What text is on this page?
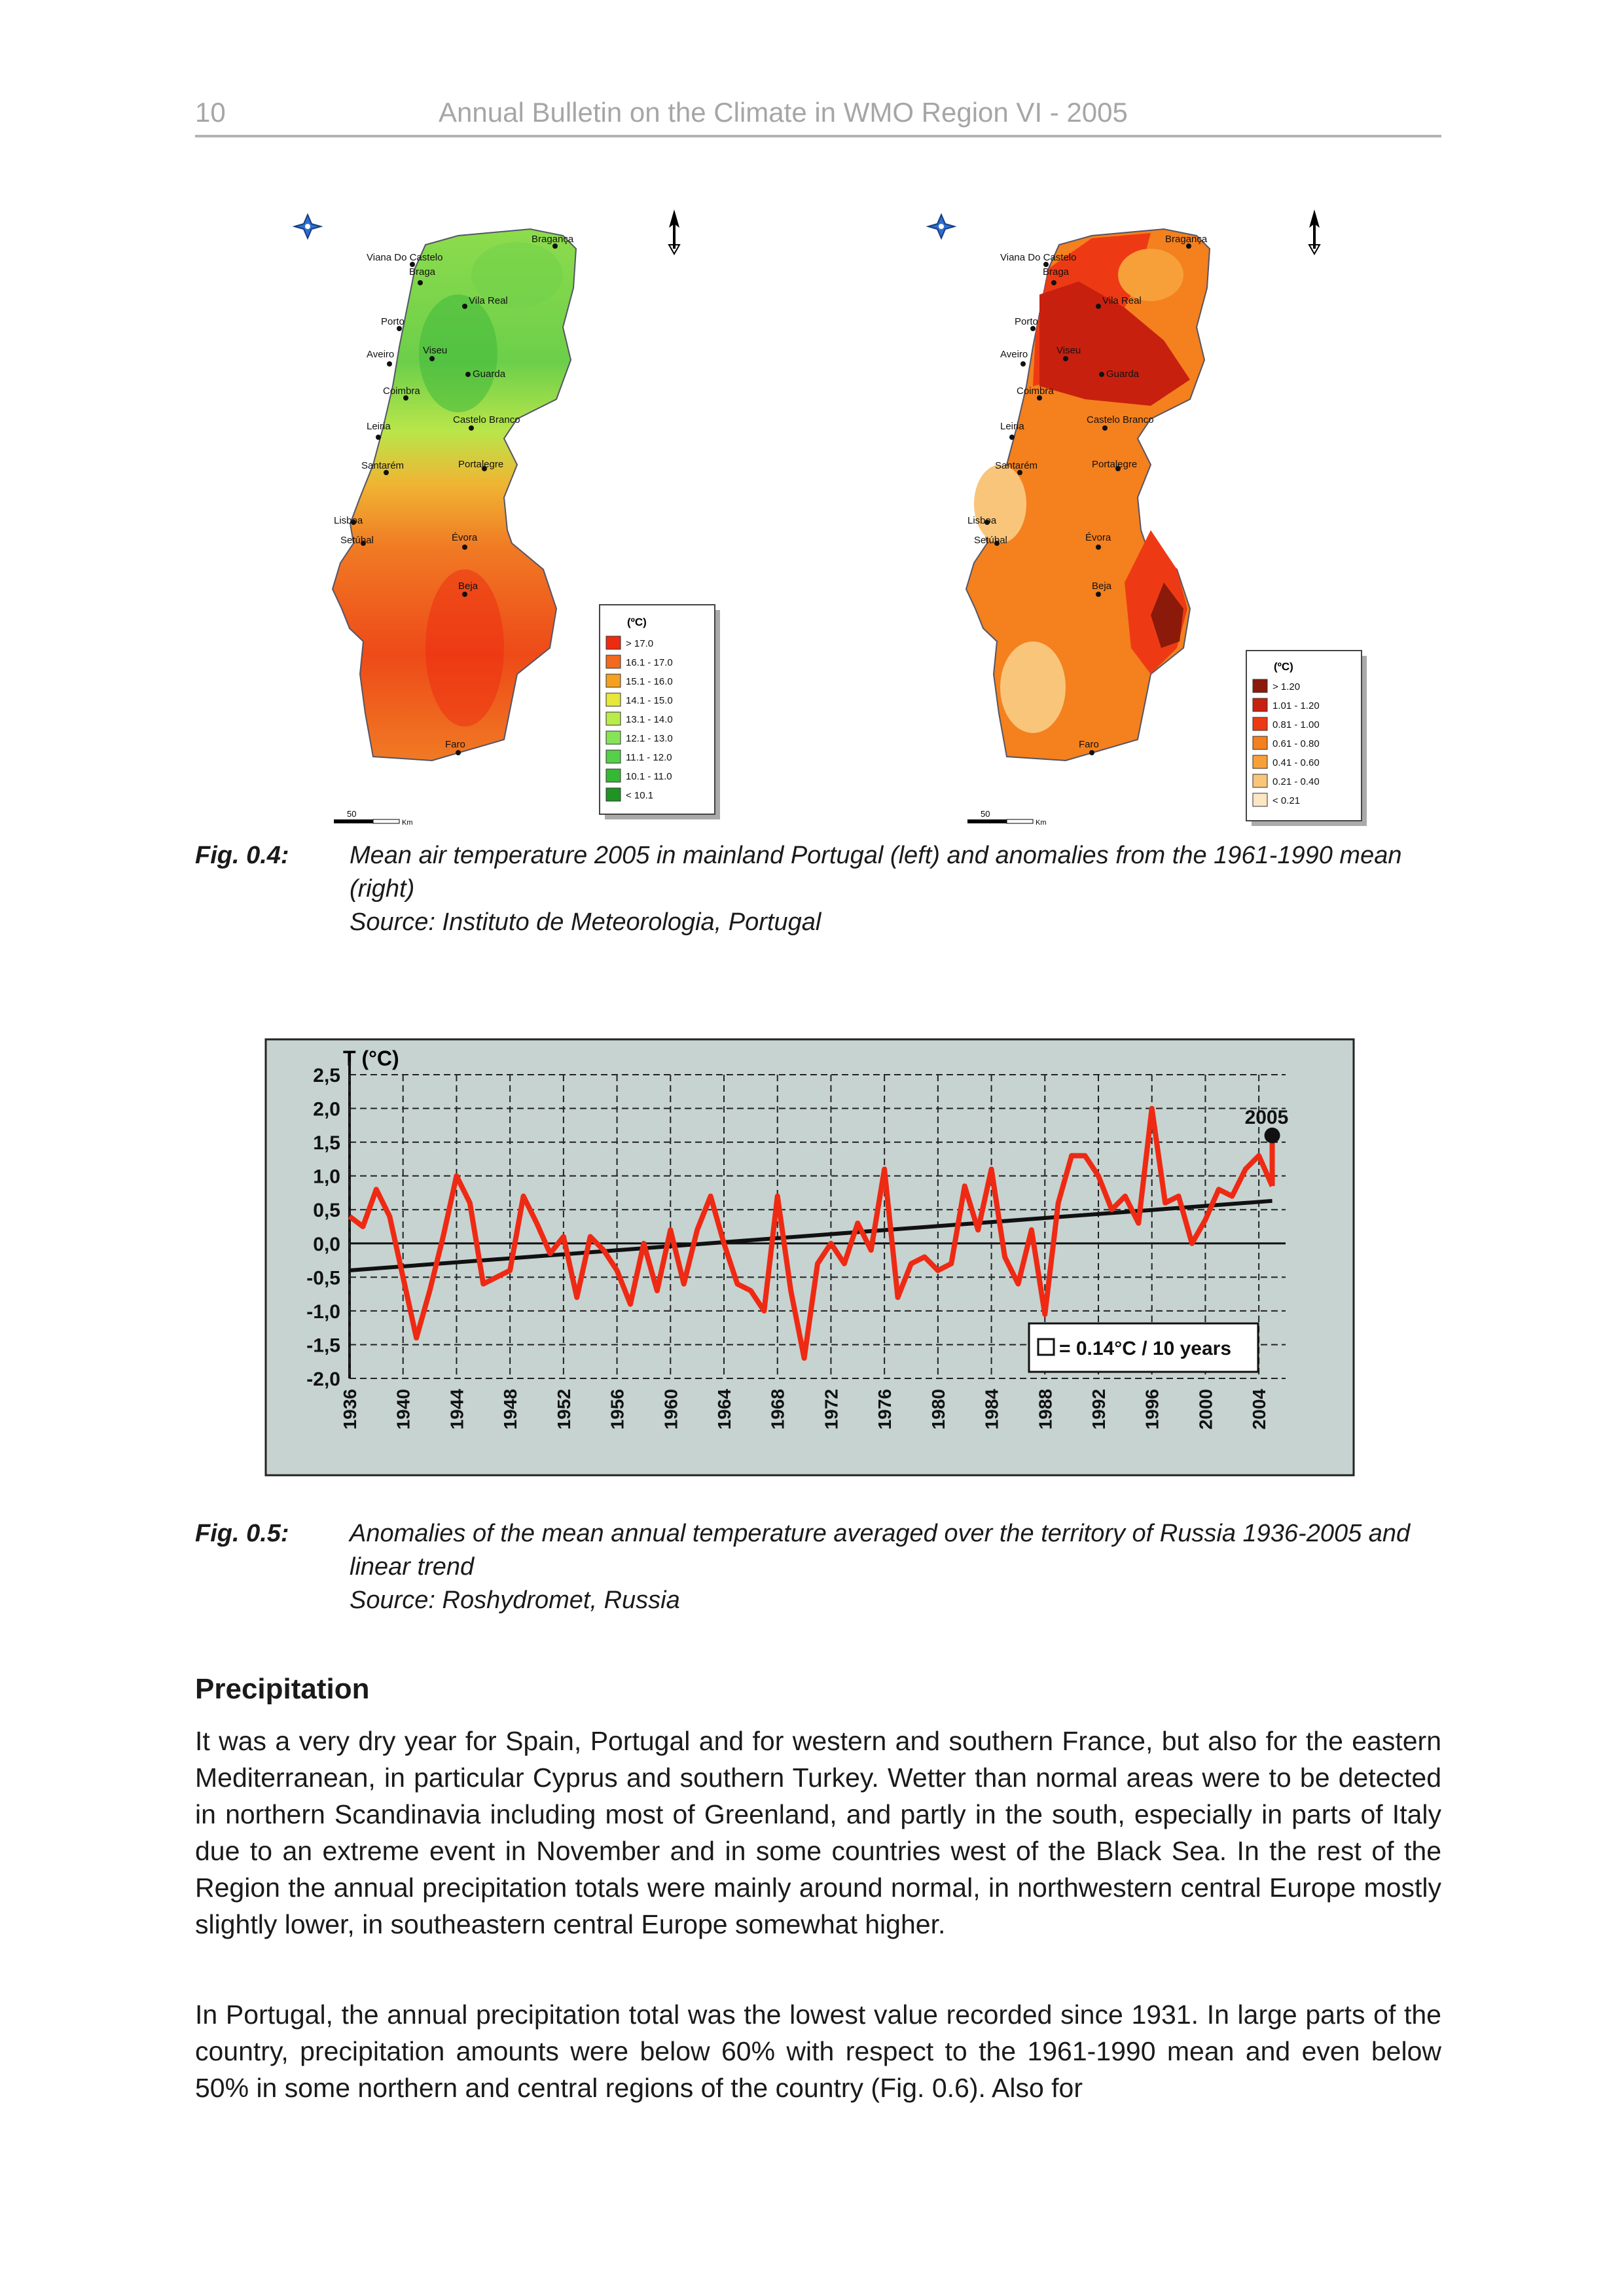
10	Annual Bulletin on the Climate in WMO Region VI - 2005
Viana Do Castelo
Bragança
Braga
Vila Real
Porto
Aveiro	Viseu
Guarda
Coimbra
Castelo Branco
Leiria
Santarém	Portalegre
Lisboa
Setúbal	Évora
Beja
Faro
(ºC)
> 17.0
16.1 - 17.0
15.1 - 16.0
14.1 - 15.0
13.1 - 14.0
12.1 - 13.0
11.1 - 12.0
10.1 - 11.0
< 10.1
50
Km
Viana Do Castelo
Bragança
Braga
Vila Real
Porto
Aveiro	Viseu
Guarda
Coimbra
Castelo Branco
Leiria
Santarém	Portalegre
Lisboa
Setúbal	Évora
Beja
Faro
(ºC)
> 1.20
1.01 - 1.20
0.81 - 1.00
0.61 - 0.80
0.41 - 0.60
0.21 - 0.40
< 0.21
50
Km
Fig. 0.4: Mean air temperature 2005 in mainland Portugal (left) and anomalies from the 1961-1990 mean (right)
Source: Instituto de Meteorologia, Portugal
T (°C)
2,5
2,0
1,5
1,0
0,5
0,0
-0,5
-1,0
-1,5
-2,0
1936 1940 1944 1948 1952 1956 1960 1964 1968 1972 1976 1980 1984 1988 1992 1996 2000 2004
2005
= 0.14°C / 10 years
Fig. 0.5: Anomalies of the mean annual temperature averaged over the territory of Russia 1936-2005 and linear trend
Source: Roshydromet, Russia
Precipitation

It was a very dry year for Spain, Portugal and for western and southern France, but also for the eastern Mediterranean, in particular Cyprus and southern Turkey. Wetter than normal areas were to be detected in northern Scandinavia including most of Greenland, and partly in the south, especially in parts of Italy due to an extreme event in November and in some countries west of the Black Sea. In the rest of the Region the annual precipitation totals were mainly around normal, in northwestern central Europe mostly slightly lower, in southeastern central Europe somewhat higher.

In Portugal, the annual precipitation total was the lowest value recorded since 1931. In large parts of the country, precipitation amounts were below 60% with respect to the 1961-1990 mean and even below 50% in some northern and central regions of the country (Fig. 0.6). Also for
